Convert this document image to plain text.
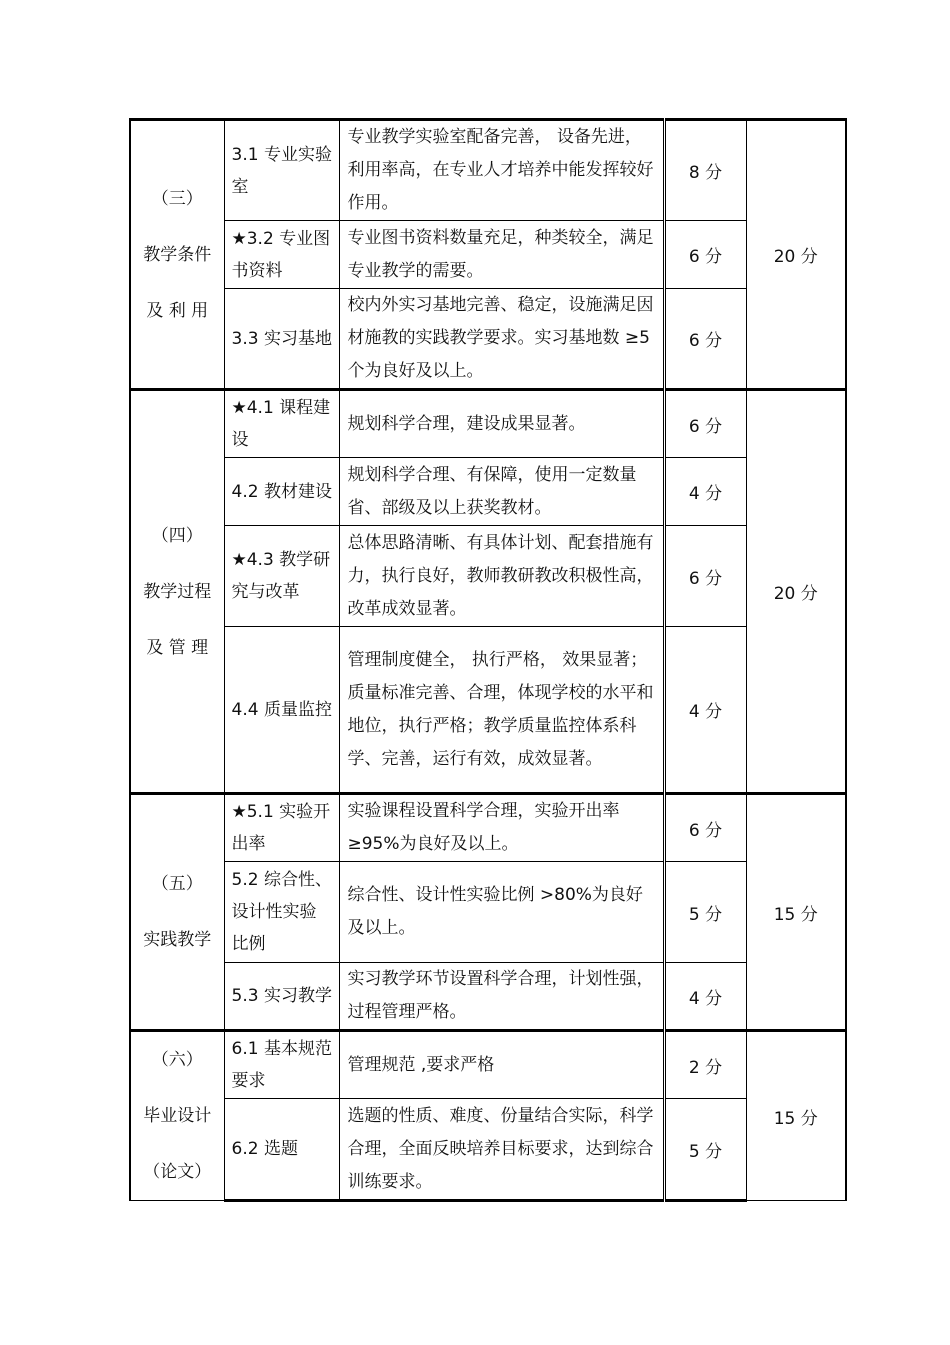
（三）
教学条件
及 利 用	3.1 专业实验室	专业教学实验室配备完善， 设备先进，利用率高，在专业人才培养中能发挥较好作用。	8 分	20 分
	★3.2 专业图书资料	专业图书资料数量充足，种类较全，满足专业教学的需要。	6 分	
	3.3 实习基地	校内外实习基地完善、稳定，设施满足因材施教的实践教学要求。实习基地数 ≥5个为良好及以上。	6 分	

（四）
教学过程
及 管 理	★4.1 课程建设	规划科学合理，建设成果显著。	6 分	20 分
	4.2 教材建设	规划科学合理、有保障，使用一定数量省、部级及以上获奖教材。	4 分	
	★4.3 教学研究与改革	总体思路清晰、有具体计划、配套措施有力，执行良好，教师教研教改积极性高，改革成效显著。	6 分	
	4.4 质量监控	管理制度健全， 执行严格， 效果显著；质量标准完善、合理，体现学校的水平和地位，执行严格；教学质量监控体系科学、完善，运行有效，成效显著。	4 分	

（五）
实践教学	★5.1 实验开出率	实验课程设置科学合理，实验开出率 ≥95%为良好及以上。	6 分	15 分
	5.2 综合性、设计性实验比例	综合性、设计性实验比例 >80%为良好及以上。	5 分	
	5.3 实习教学	实习教学环节设置科学合理，计划性强，过程管理严格。	4 分	

（六）
毕业设计
（论文）	6.1 基本规范要求	管理规范 ,要求严格	2 分	15 分
	6.2 选题	选题的性质、难度、份量结合实际，科学合理，全面反映培养目标要求，达到综合训练要求。	5 分	
